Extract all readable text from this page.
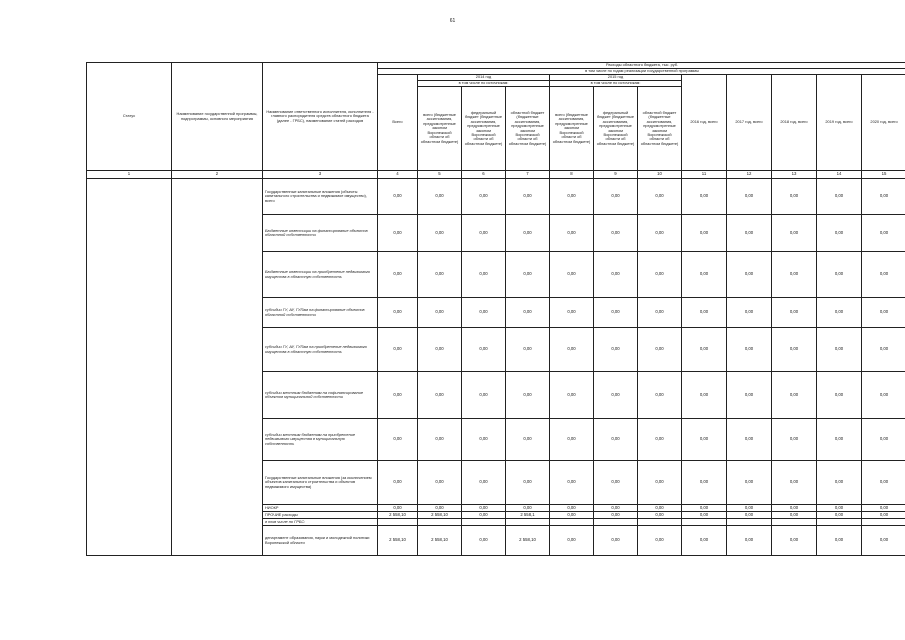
61
Статус	Наименование государственной программы, подпрограммы, основного мероприятия	Наименование ответственного исполнителя, исполнителя - главного распорядителя средств областного бюджета (далее - ГРБС), наименование статей расходов	Расходы областного бюджета, тыс. руб.											
			в том числе по годам реализации государственной программы											
			Всего	2014 год			2015 год			2016 год, всего	2017 год, всего	2018 год, всего	2019 год, всего	2020 год, всего
				в том числе по источникам:			в том числе по источникам:							
				всего (бюджетные ассигнования, предусмотренные законом Воронежской области об областном бюджете)	федеральный бюджет (бюджетные ассигнования, предусмотренные законом Воронежской области об областном бюджете)	областной бюджет (бюджетные ассигнования, предусмотренные законом Воронежской области об областном бюджете)	всего (бюджетные ассигнования, предусмотренные законом Воронежской области об областном бюджете)	федеральный бюджет (бюджетные ассигнования, предусмотренные законом Воронежской области об областном бюджете)	областной бюджет (бюджетные ассигнования, предусмотренные законом Воронежской области об областном бюджете)					
1	2	3	4	5	6	7	8	9	10	11	12	13	14	15
		Государственные капитальные вложения (объекты капитального строительства и недвижимое имущество), всего	0,00	0,00	0,00	0,00	0,00	0,00	0,00	0,00	0,00	0,00	0,00	0,00
		Бюджетные инвестиции на финансирование объектов областной собственности	0,00	0,00	0,00	0,00	0,00	0,00	0,00	0,00	0,00	0,00	0,00	0,00
		Бюджетные инвестиции на приобретение недвижимого имущества в областную собственность	0,00	0,00	0,00	0,00	0,00	0,00	0,00	0,00	0,00	0,00	0,00	0,00
		субсидии ГУ, АУ, ГУПам на финансирование объектов областной собственности	0,00	0,00	0,00	0,00	0,00	0,00	0,00	0,00	0,00	0,00	0,00	0,00
		субсидии ГУ, АУ, ГУПам на приобретение недвижимого имущества в областную собственность	0,00	0,00	0,00	0,00	0,00	0,00	0,00	0,00	0,00	0,00	0,00	0,00
		субсидии местным бюджетам на софинансирование объектов муниципальной собственности	0,00	0,00	0,00	0,00	0,00	0,00	0,00	0,00	0,00	0,00	0,00	0,00
		субсидии местным бюджетам на приобретение недвижимого имущества в муниципальную собственность	0,00	0,00	0,00	0,00	0,00	0,00	0,00	0,00	0,00	0,00	0,00	0,00
		Государственные капитальные вложения (за исключением объектов капитального строительства и объектов недвижимого имущества)	0,00	0,00	0,00	0,00	0,00	0,00	0,00	0,00	0,00	0,00	0,00	0,00
		НИОКР	0,00	0,00	0,00	0,00	0,00	0,00	0,00	0,00	0,00	0,00	0,00	0,00
		ПРОЧИЕ расходы	2 558,10	2 558,10	0,00	2 558,1	0,00	0,00	0,00	0,00	0,00	0,00	0,00	0,00
		в том числе по ГРБС:												
		департамент образования, науки и молодежной политики Воронежской области	2 558,10	2 558,10	0,00	2 558,10	0,00	0,00	0,00	0,00	0,00	0,00	0,00	0,00
